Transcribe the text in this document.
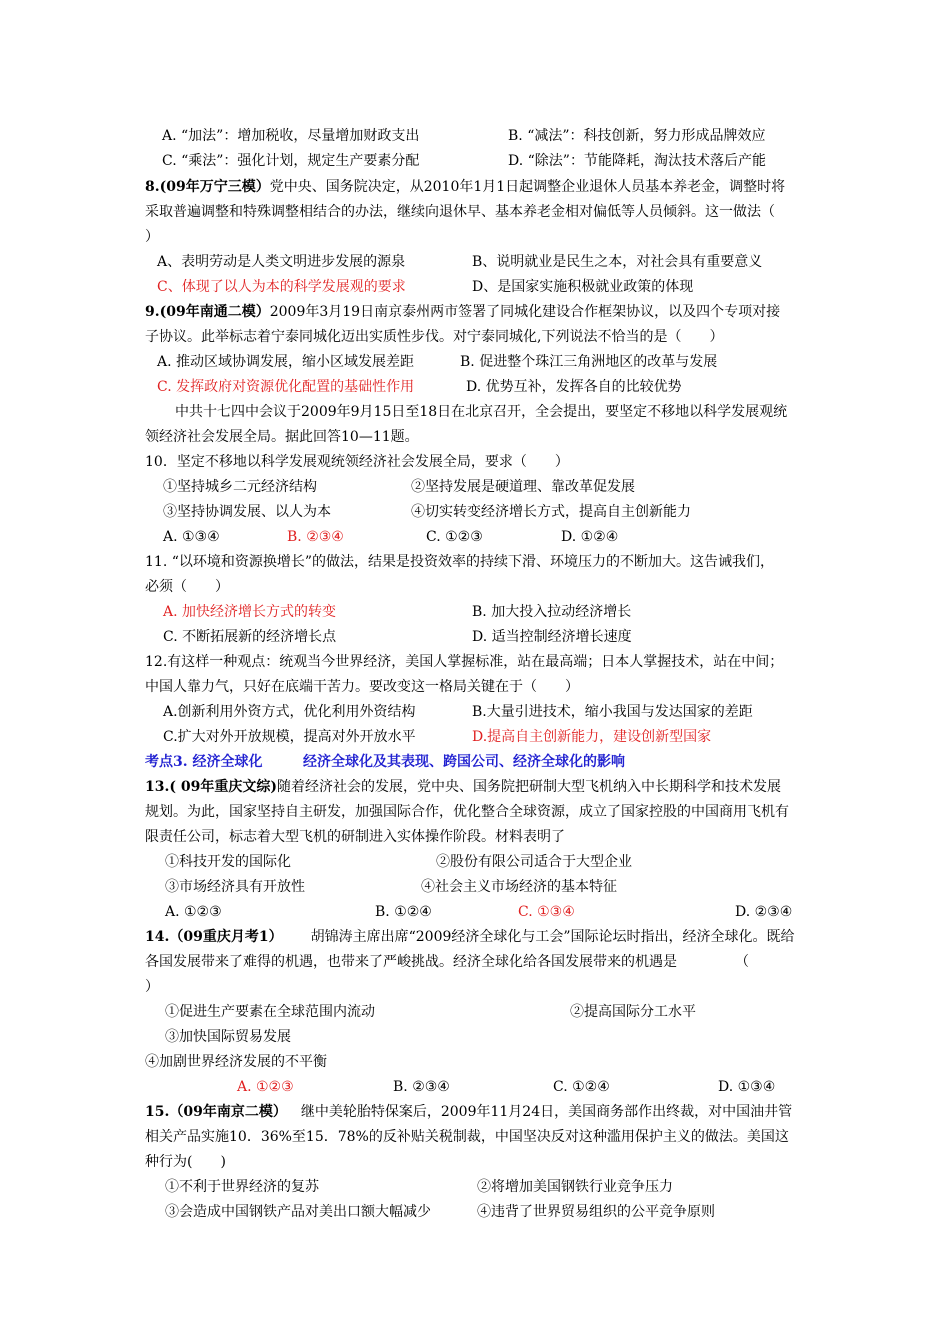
A. “加法”：增加税收，尽量增加财政支出	B. “减法”：科技创新，努力形成品牌效应
C. “乘法”：强化计划，规定生产要素分配	D. “除法”：节能降耗，淘汰技术落后产能
8.(09年万宁三模）党中央、国务院决定，从2010年1月1日起调整企业退休人员基本养老金，调整时将
采取普遍调整和特殊调整相结合的办法，继续向退休早、基本养老金相对偏低等人员倾斜。这一做法（
）
A、表明劳动是人类文明进步发展的源泉	B、说明就业是民生之本，对社会具有重要意义
C、体现了以人为本的科学发展观的要求	D、是国家实施积极就业政策的体现
9.(09年南通二模）2009年3月19日南京泰州两市签署了同城化建设合作框架协议，以及四个专项对接
子协议。此举标志着宁泰同城化迈出实质性步伐。对宁泰同城化,下列说法不恰当的是（　　）
A. 推动区域协调发展，缩小区域发展差距	B. 促进整个珠江三角洲地区的改革与发展
C. 发挥政府对资源优化配置的基础性作用	D. 优势互补，发挥各自的比较优势
中共十七四中会议于2009年9月15日至18日在北京召开，全会提出，要坚定不移地以科学发展观统
领经济社会发展全局。据此回答10—11题。
10．坚定不移地以科学发展观统领经济社会发展全局，要求（　　）
①坚持城乡二元经济结构	②坚持发展是硬道理、靠改革促发展
③坚持协调发展、以人为本	④切实转变经济增长方式，提高自主创新能力
A. ①③④	B. ②③④	C. ①②③	D. ①②④
11. “以环境和资源换增长”的做法，结果是投资效率的持续下滑、环境压力的不断加大。这告诫我们，
必须（　　）
A. 加快经济增长方式的转变	B. 加大投入拉动经济增长
C. 不断拓展新的经济增长点	D. 适当控制经济增长速度
12.有这样一种观点：统观当今世界经济，美国人掌握标准，站在最高端；日本人掌握技术，站在中间；
中国人靠力气，只好在底端干苦力。要改变这一格局关键在于（　　）
A.创新利用外资方式，优化利用外资结构	B.大量引进技术，缩小我国与发达国家的差距
C.扩大对外开放规模，提高对外开放水平	D.提高自主创新能力，建设创新型国家
考点3. 经济全球化	经济全球化及其表现、跨国公司、经济全球化的影响
13.( 09年重庆文综)随着经济社会的发展，党中央、国务院把研制大型飞机纳入中长期科学和技术发展
规划。为此，国家坚持自主研发，加强国际合作，优化整合全球资源，成立了国家控股的中国商用飞机有
限责任公司，标志着大型飞机的研制进入实体操作阶段。材料表明了
①科技开发的国际化	②股份有限公司适合于大型企业
③市场经济具有开放性	④社会主义市场经济的基本特征
A. ①②③	B. ①②④	C. ①③④	D. ②③④
14.（09重庆月考1） 胡锦涛主席出席“2009经济全球化与工会”国际论坛时指出，经济全球化。既给
各国发展带来了难得的机遇，也带来了严峻挑战。经济全球化给各国发展带来的机遇是	（
）
①促进生产要素在全球范围内流动	②提高国际分工水平
③加快国际贸易发展
④加剧世界经济发展的不平衡
A. ①②③	B. ②③④	C. ①②④	D. ①③④
15.（09年南京二模） 继中美轮胎特保案后，2009年11月24日，美国商务部作出终裁，对中国油井管
相关产品实施10．36%至15．78%的反补贴关税制裁，中国坚决反对这种滥用保护主义的做法。美国这
种行为(　　)
①不利于世界经济的复苏	②将增加美国钢铁行业竞争压力
③会造成中国钢铁产品对美出口额大幅减少	④违背了世界贸易组织的公平竞争原则
